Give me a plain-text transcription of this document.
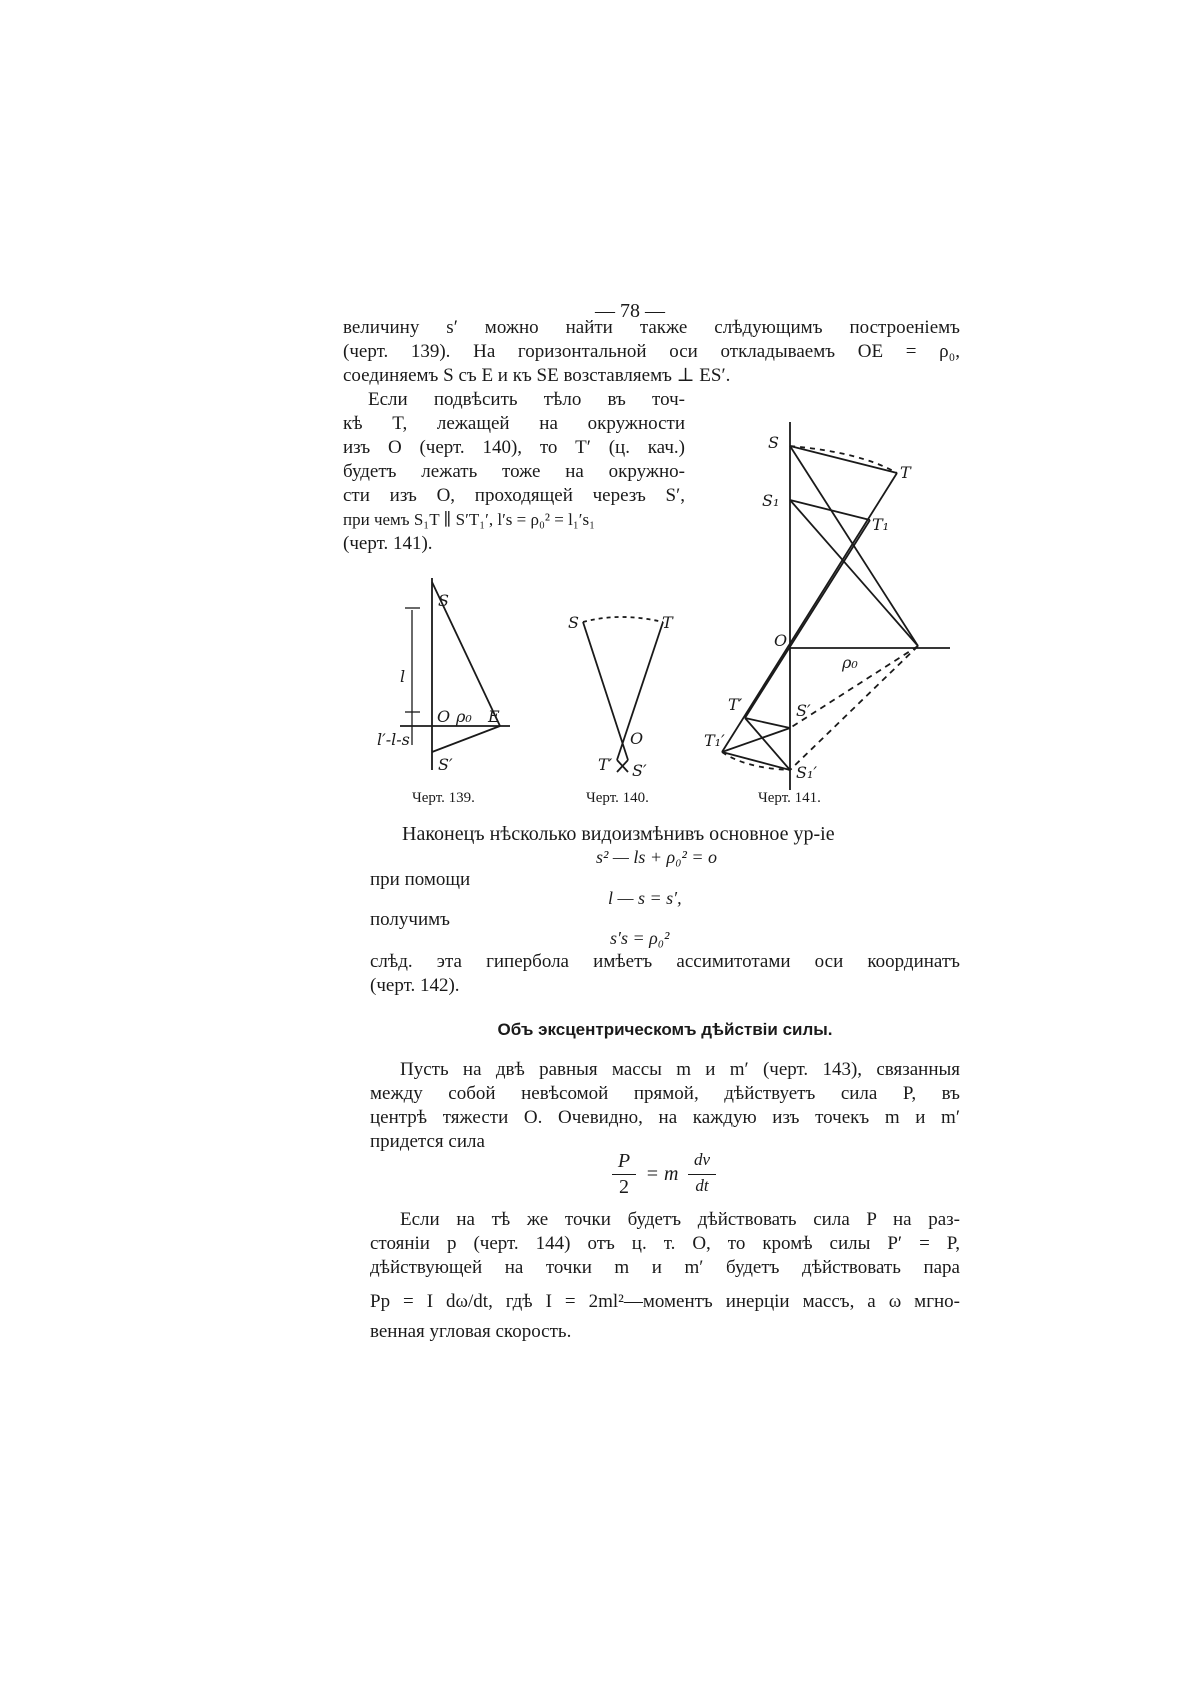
— 78 —
величину s′ можно найти также слѣдующимъ построеніемъ
(черт. 139). На горизонтальной оси откладываемъ OE = ρ₀,
соединяемъ S съ E и къ SE возставляемъ ⊥ ES′.
Если подвѣсить тѣло въ точ-
кѣ T, лежащей на окружности
изъ O (черт. 140), то T′ (ц. кач.)
будетъ лежать тоже на окружно-
сти изъ O, проходящей черезъ S′,
при чемъ S₁T ∥ S′T₁′, l′s = ρ₀² = l₁′s₁
(черт. 141).
S
l
O ρ₀ E
l′-l-s
S′
S	T
O
T′ S′
S
S₁
T
T₁
O
ρ₀
T′	S′
T₁′
S₁′
Черт. 139.	Черт. 140.	Черт. 141.
Наконецъ нѣсколько видоизмѣнивъ основное ур-іе
s² — ls + ρ₀² = o
при помощи
l — s = s′,
получимъ
s′s = ρ₀²
слѣд. эта гипербола имѣетъ ассимитотами оси координатъ
(черт. 142).
Объ эксцентрическомъ дѣйствіи силы.
Пусть на двѣ равныя массы m и m′ (черт. 143), связанныя
между собой невѣсомой прямой, дѣйствуетъ сила P, въ
центрѣ тяжести O. Очевидно, на каждую изъ точекъ m и m′
придется сила
P
2
= m
dv
dt
Если на тѣ же точки будетъ дѣйствовать сила P на раз-
стояніи p (черт. 144) отъ ц. т. O, то кромѣ силы P′ = P,
дѣйствующей на точки m и m′ будетъ дѣйствовать пара
Pp = I dω/dt, гдѣ I = 2ml²—моментъ инерціи массъ, а ω мгно-
венная угловая скорость.
